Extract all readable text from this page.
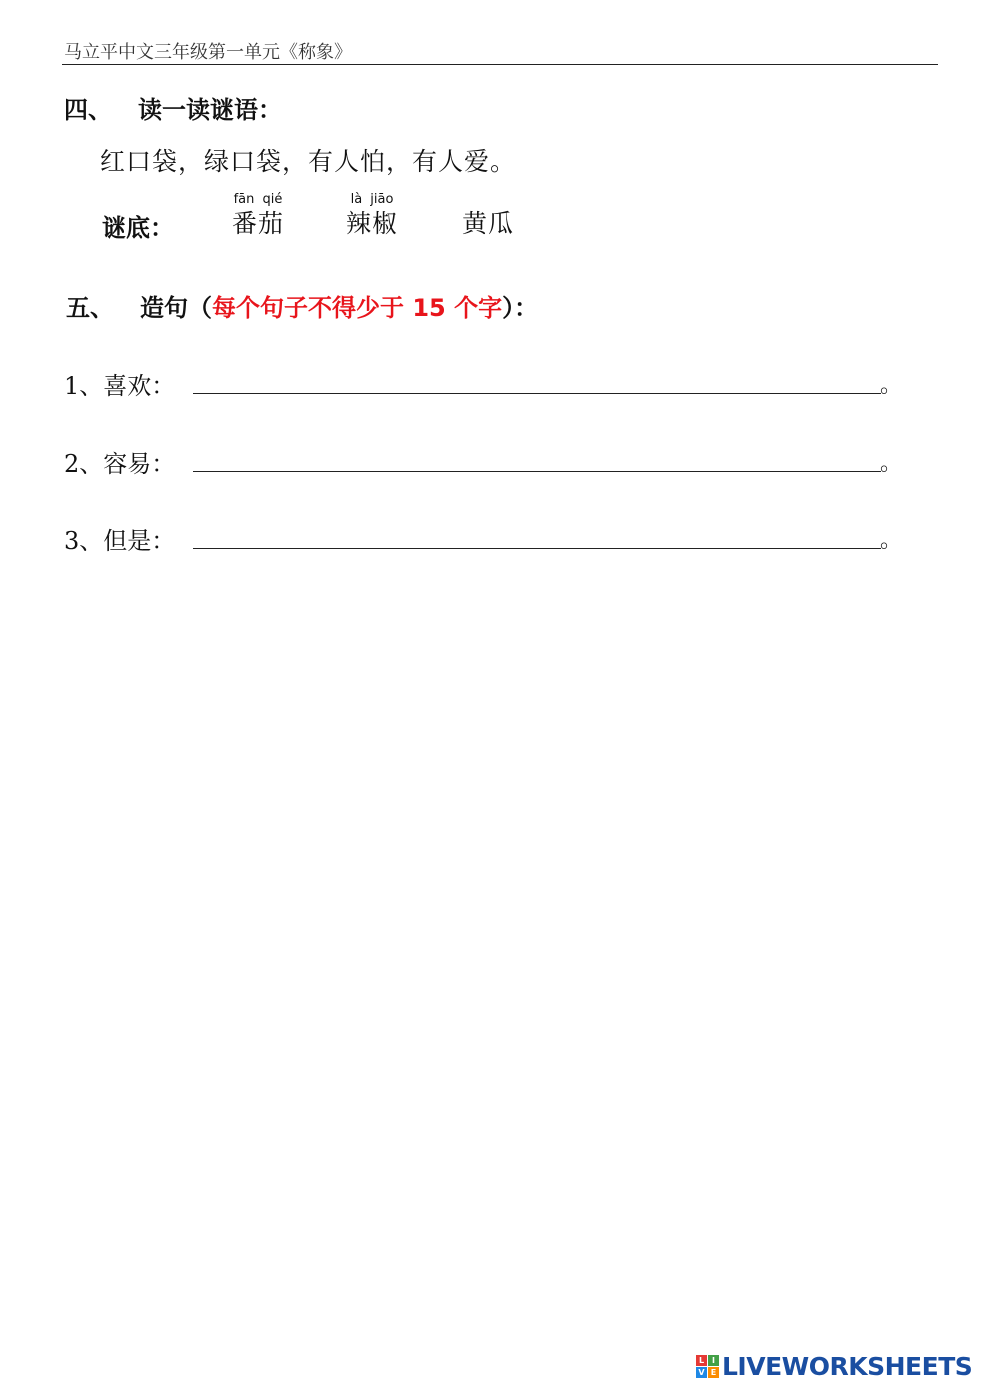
马立平中文三年级第一单元《称象》
四、 读一读谜语：
红口袋，绿口袋，有人怕，有人爱。
谜底：
fān qié
番茄
là jiāo
辣椒	黄瓜
五、 造句（每个句子不得少于 15 个字）：
1、喜欢：	。
2、容易：	。
3、但是：	。
L I
V E LIVEWORKSHEETS
